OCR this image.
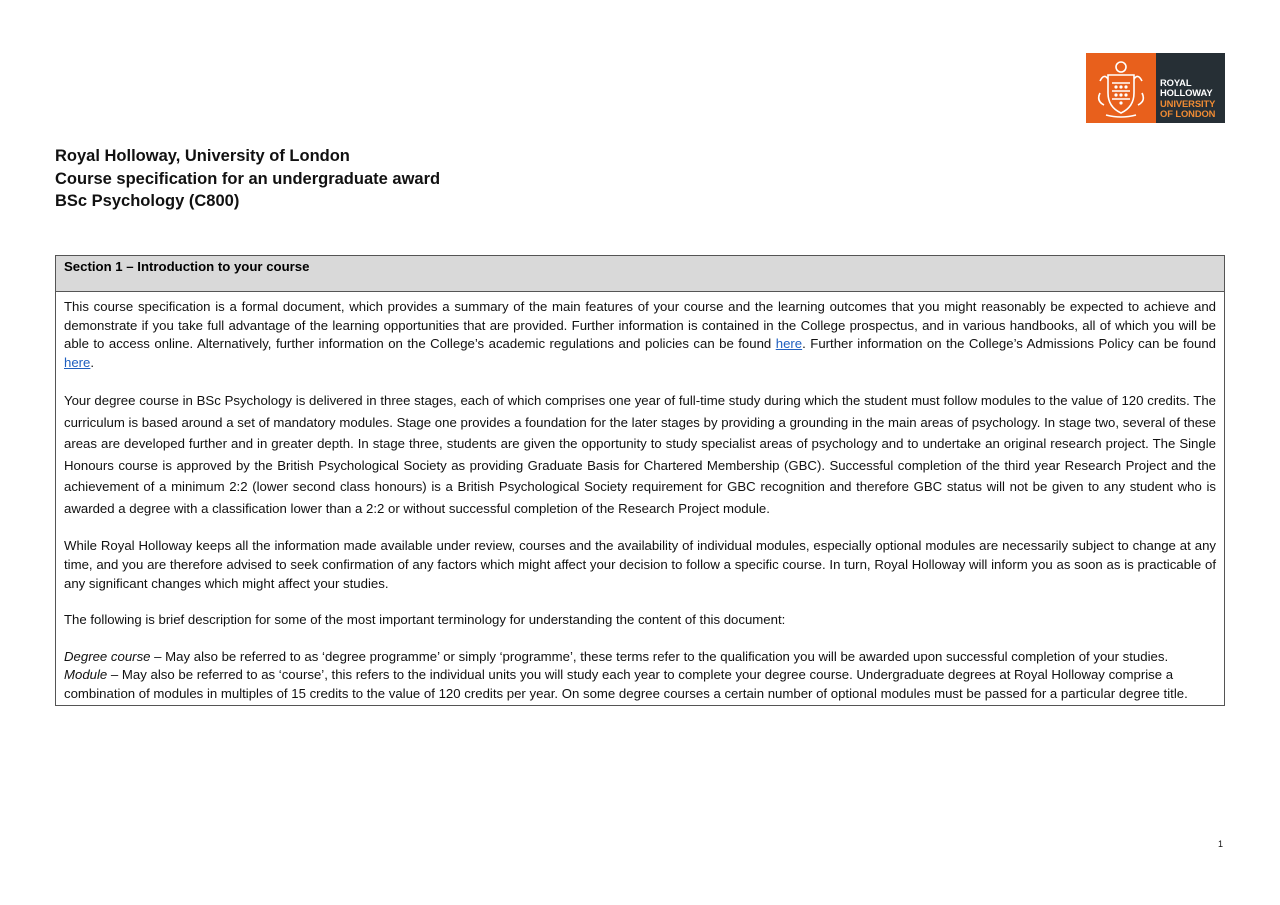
ROYAL
HOLLOWAY
UNIVERSITY
OF LONDON
Royal Holloway, University of London
Course specification for an undergraduate award
BSc Psychology (C800)
Section 1 – Introduction to your course

This course specification is a formal document, which provides a summary of the main features of your course and the learning outcomes that you might reasonably be expected to achieve and demonstrate if you take full advantage of the learning opportunities that are provided. Further information is contained in the College prospectus, and in various handbooks, all of which you will be able to access online. Alternatively, further information on the College’s academic regulations and policies can be found here. Further information on the College’s Admissions Policy can be found here.

Your degree course in BSc Psychology is delivered in three stages, each of which comprises one year of full-time study during which the student must follow modules to the value of 120 credits. The curriculum is based around a set of mandatory modules. Stage one provides a foundation for the later stages by providing a grounding in the main areas of psychology. In stage two, several of these areas are developed further and in greater depth. In stage three, students are given the opportunity to study specialist areas of psychology and to undertake an original research project. The Single Honours course is approved by the British Psychological Society as providing Graduate Basis for Chartered Membership (GBC). Successful completion of the third year Research Project and the achievement of a minimum 2:2 (lower second class honours) is a British Psychological Society requirement for GBC recognition and therefore GBC status will not be given to any student who is awarded a degree with a classification lower than a 2:2 or without successful completion of the Research Project module.

While Royal Holloway keeps all the information made available under review, courses and the availability of individual modules, especially optional modules are necessarily subject to change at any time, and you are therefore advised to seek confirmation of any factors which might affect your decision to follow a specific course. In turn, Royal Holloway will inform you as soon as is practicable of any significant changes which might affect your studies.

The following is brief description for some of the most important terminology for understanding the content of this document:

Degree course – May also be referred to as ‘degree programme’ or simply ‘programme’, these terms refer to the qualification you will be awarded upon successful completion of your studies.

Module – May also be referred to as ‘course’, this refers to the individual units you will study each year to complete your degree course. Undergraduate degrees at Royal Holloway comprise a combination of modules in multiples of 15 credits to the value of 120 credits per year. On some degree courses a certain number of optional modules must be passed for a particular degree title.

1
